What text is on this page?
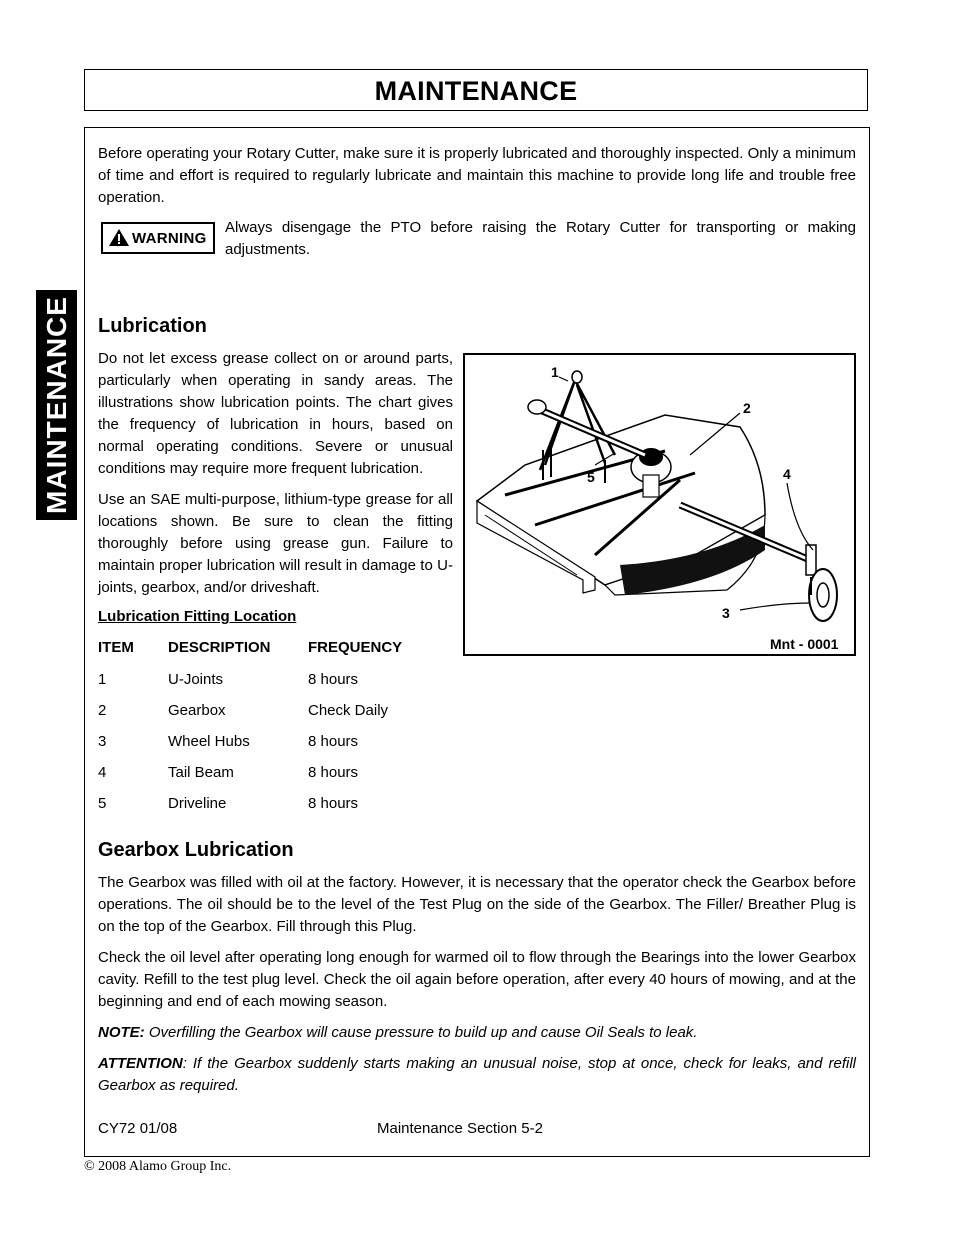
MAINTENANCE
MAINTENANCE

Before operating your Rotary Cutter, make sure it is properly lubricated and thoroughly inspected. Only a minimum of time and effort is required to regularly lubricate and maintain this machine to provide long life and trouble free operation.

WARNING

Always disengage the PTO before raising the Rotary Cutter for transporting or making adjustments.

Lubrication

Do not let excess grease collect on or around parts, particularly when operating in sandy areas. The illustrations show lubrication points. The chart gives the frequency of lubrication in hours, based on normal operating conditions. Severe or unusual conditions may require more frequent lubrication.

Use an SAE multi-purpose, lithium-type grease for all locations shown. Be sure to clean the fitting thoroughly before using grease gun. Failure to maintain proper lubrication will result in damage to U-joints, gearbox, and/or driveshaft.

Lubrication Fitting Location

ITEM DESCRIPTION FREQUENCY
1	U-Joints	8 hours
2	Gearbox	Check Daily
3	Wheel Hubs	8 hours
4	Tail Beam	8 hours
5	Driveline	8 hours
1
2
4
5
3
Mnt - 0001
Gearbox Lubrication

The Gearbox was filled with oil at the factory. However, it is necessary that the operator check the Gearbox before operations. The oil should be to the level of the Test Plug on the side of the Gearbox. The Filler/ Breather Plug is on the top of the Gearbox. Fill through this Plug.

Check the oil level after operating long enough for warmed oil to flow through the Bearings into the lower Gearbox cavity. Refill to the test plug level. Check the oil again before operation, after every 40 hours of mowing, and at the beginning and end of each mowing season.

NOTE: Overfilling the Gearbox will cause pressure to build up and cause Oil Seals to leak.

ATTENTION: If the Gearbox suddenly starts making an unusual noise, stop at once, check for leaks, and refill Gearbox as required.

CY72 01/08	Maintenance Section 5-2

© 2008 Alamo Group Inc.
